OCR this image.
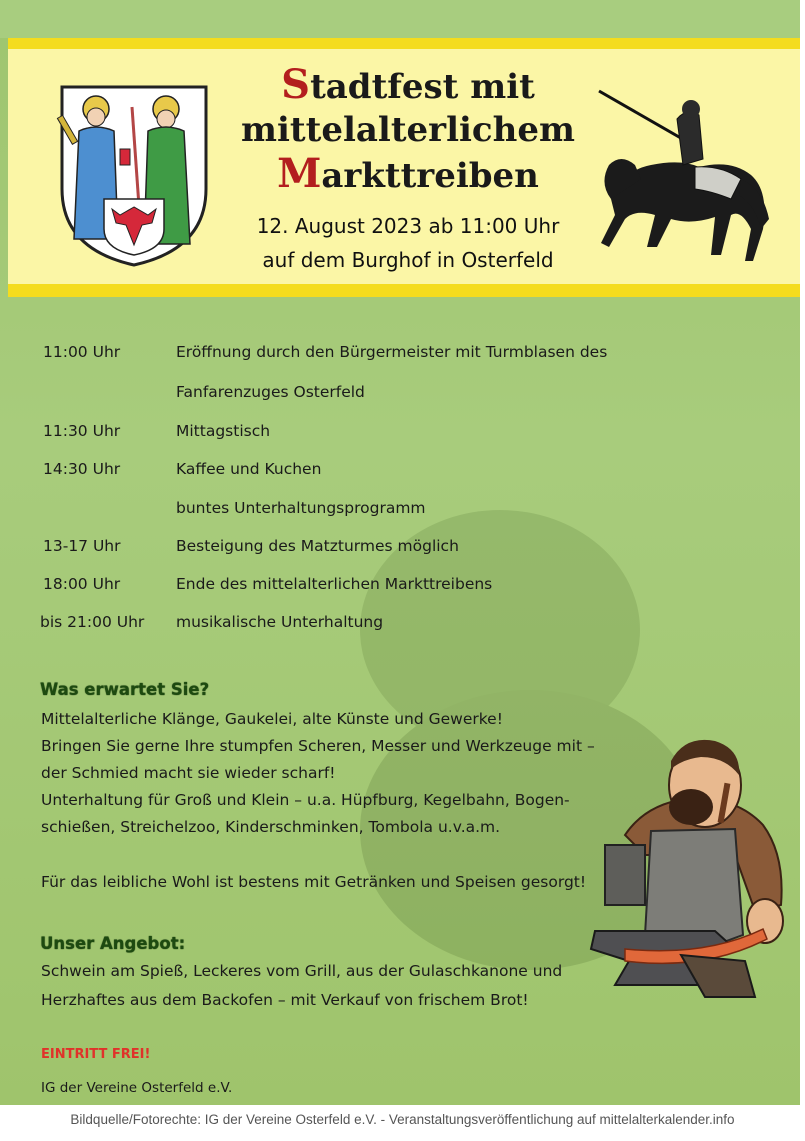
Stadtfest mit
mittelalterlichem
Markttreiben
12. August 2023 ab 11:00 Uhr
auf dem Burghof in Osterfeld
11:00 Uhr	Eröffnung durch den Bürgermeister mit Turmblasen des
Fanfarenzuges Osterfeld
11:30 Uhr	Mittagstisch
14:30 Uhr	Kaffee und Kuchen
buntes Unterhaltungsprogramm
13-17 Uhr	Besteigung des Matzturmes möglich
18:00 Uhr	Ende des mittelalterlichen Markttreibens
bis 21:00 Uhr musikalische Unterhaltung
Was erwartet Sie?
Mittelalterliche Klänge, Gaukelei, alte Künste und Gewerke!
Bringen Sie gerne Ihre stumpfen Scheren, Messer und Werkzeuge mit –
der Schmied macht sie wieder scharf!
Unterhaltung für Groß und Klein – u.a. Hüpfburg, Kegelbahn, Bogen-
schießen, Streichelzoo, Kinderschminken, Tombola u.v.a.m.
Für das leibliche Wohl ist bestens mit Getränken und Speisen gesorgt!
Unser Angebot:
Schwein am Spieß, Leckeres vom Grill, aus der Gulaschkanone und
Herzhaftes aus dem Backofen – mit Verkauf von frischem Brot!
EINTRITT FREI!
IG der Vereine Osterfeld e.V.
Bildquelle/Fotorechte: IG der Vereine Osterfeld e.V. - Veranstaltungsveröffentlichung auf mittelalterkalender.info
